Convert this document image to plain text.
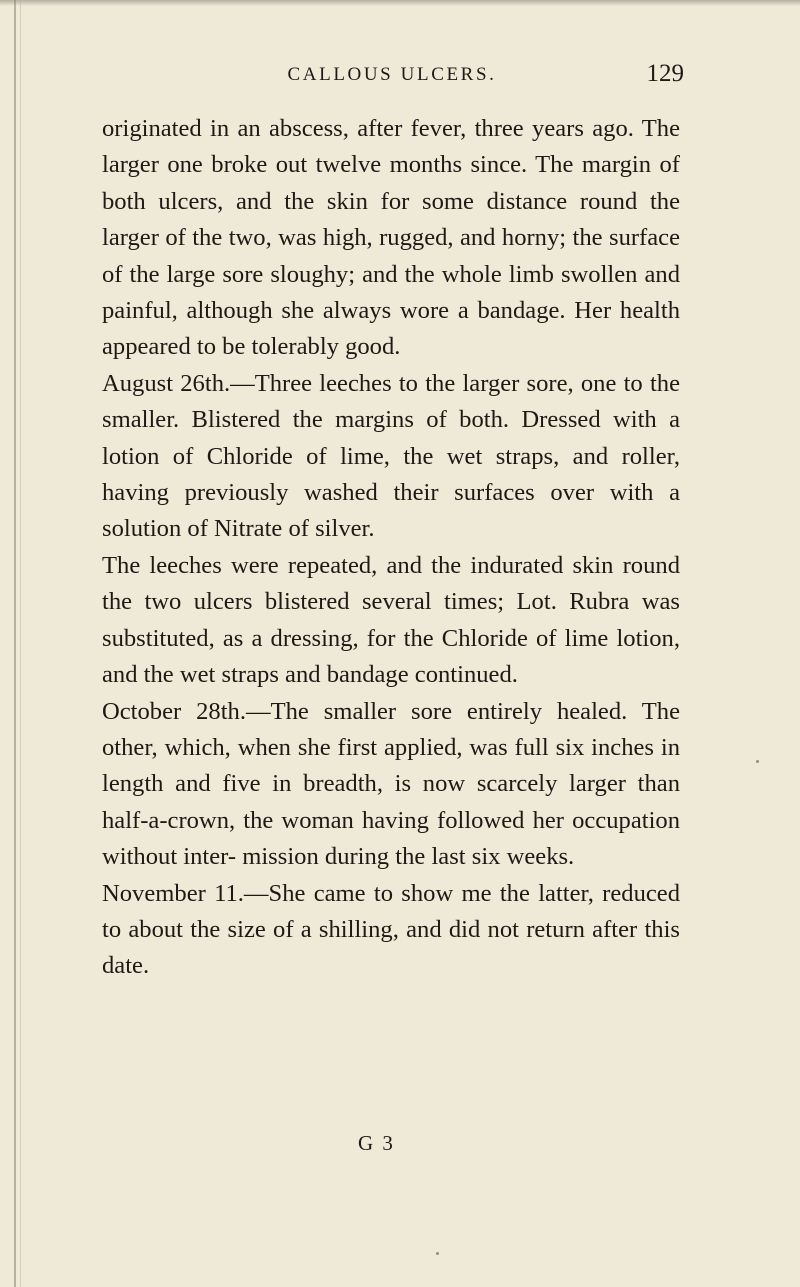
CALLOUS ULCERS.	129

originated in an abscess, after fever, three years ago. The larger one broke out twelve months since. The margin of both ulcers, and the skin for some distance round the larger of the two, was high, rugged, and horny; the surface of the large sore sloughy; and the whole limb swollen and painful, although she always wore a bandage. Her health appeared to be tolerably good.

August 26th.—Three leeches to the larger sore, one to the smaller. Blistered the margins of both. Dressed with a lotion of Chloride of lime, the wet straps, and roller, having previously washed their surfaces over with a solution of Nitrate of silver.

The leeches were repeated, and the indurated skin round the two ulcers blistered several times; Lot. Rubra was substituted, as a dressing, for the Chloride of lime lotion, and the wet straps and bandage continued.

October 28th.—The smaller sore entirely healed. The other, which, when she first applied, was full six inches in length and five in breadth, is now scarcely larger than half-a-crown, the woman having followed her occupation without inter- mission during the last six weeks.

November 11.—She came to show me the latter, reduced to about the size of a shilling, and did not return after this date.

G 3
